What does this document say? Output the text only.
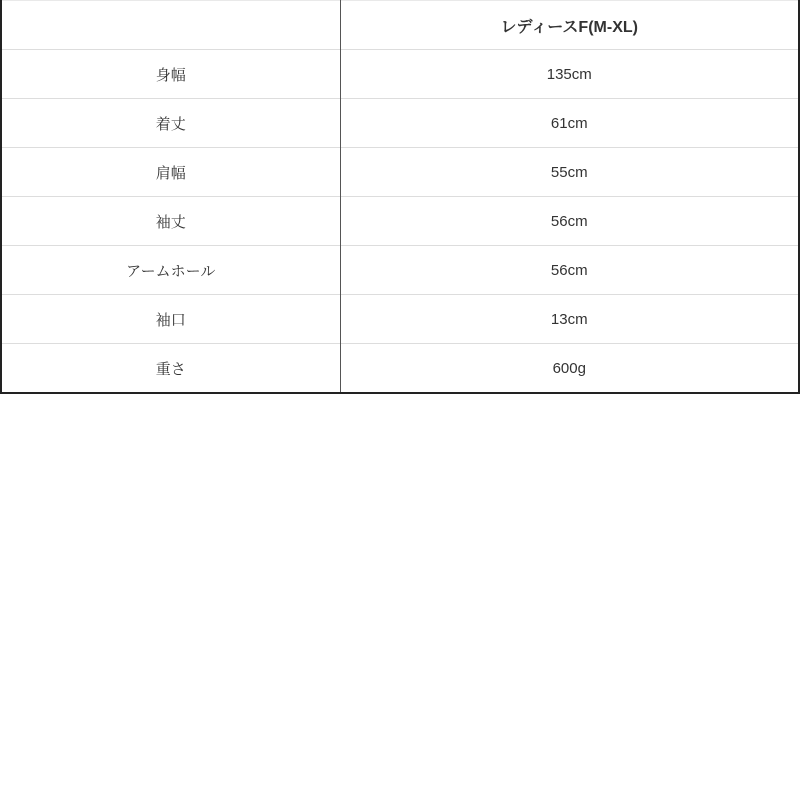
	レディースF(M-XL)
身幅	135cm
着丈	61cm
肩幅	55cm
袖丈	56cm
アームホール	56cm
袖口	13cm
重さ	600g
